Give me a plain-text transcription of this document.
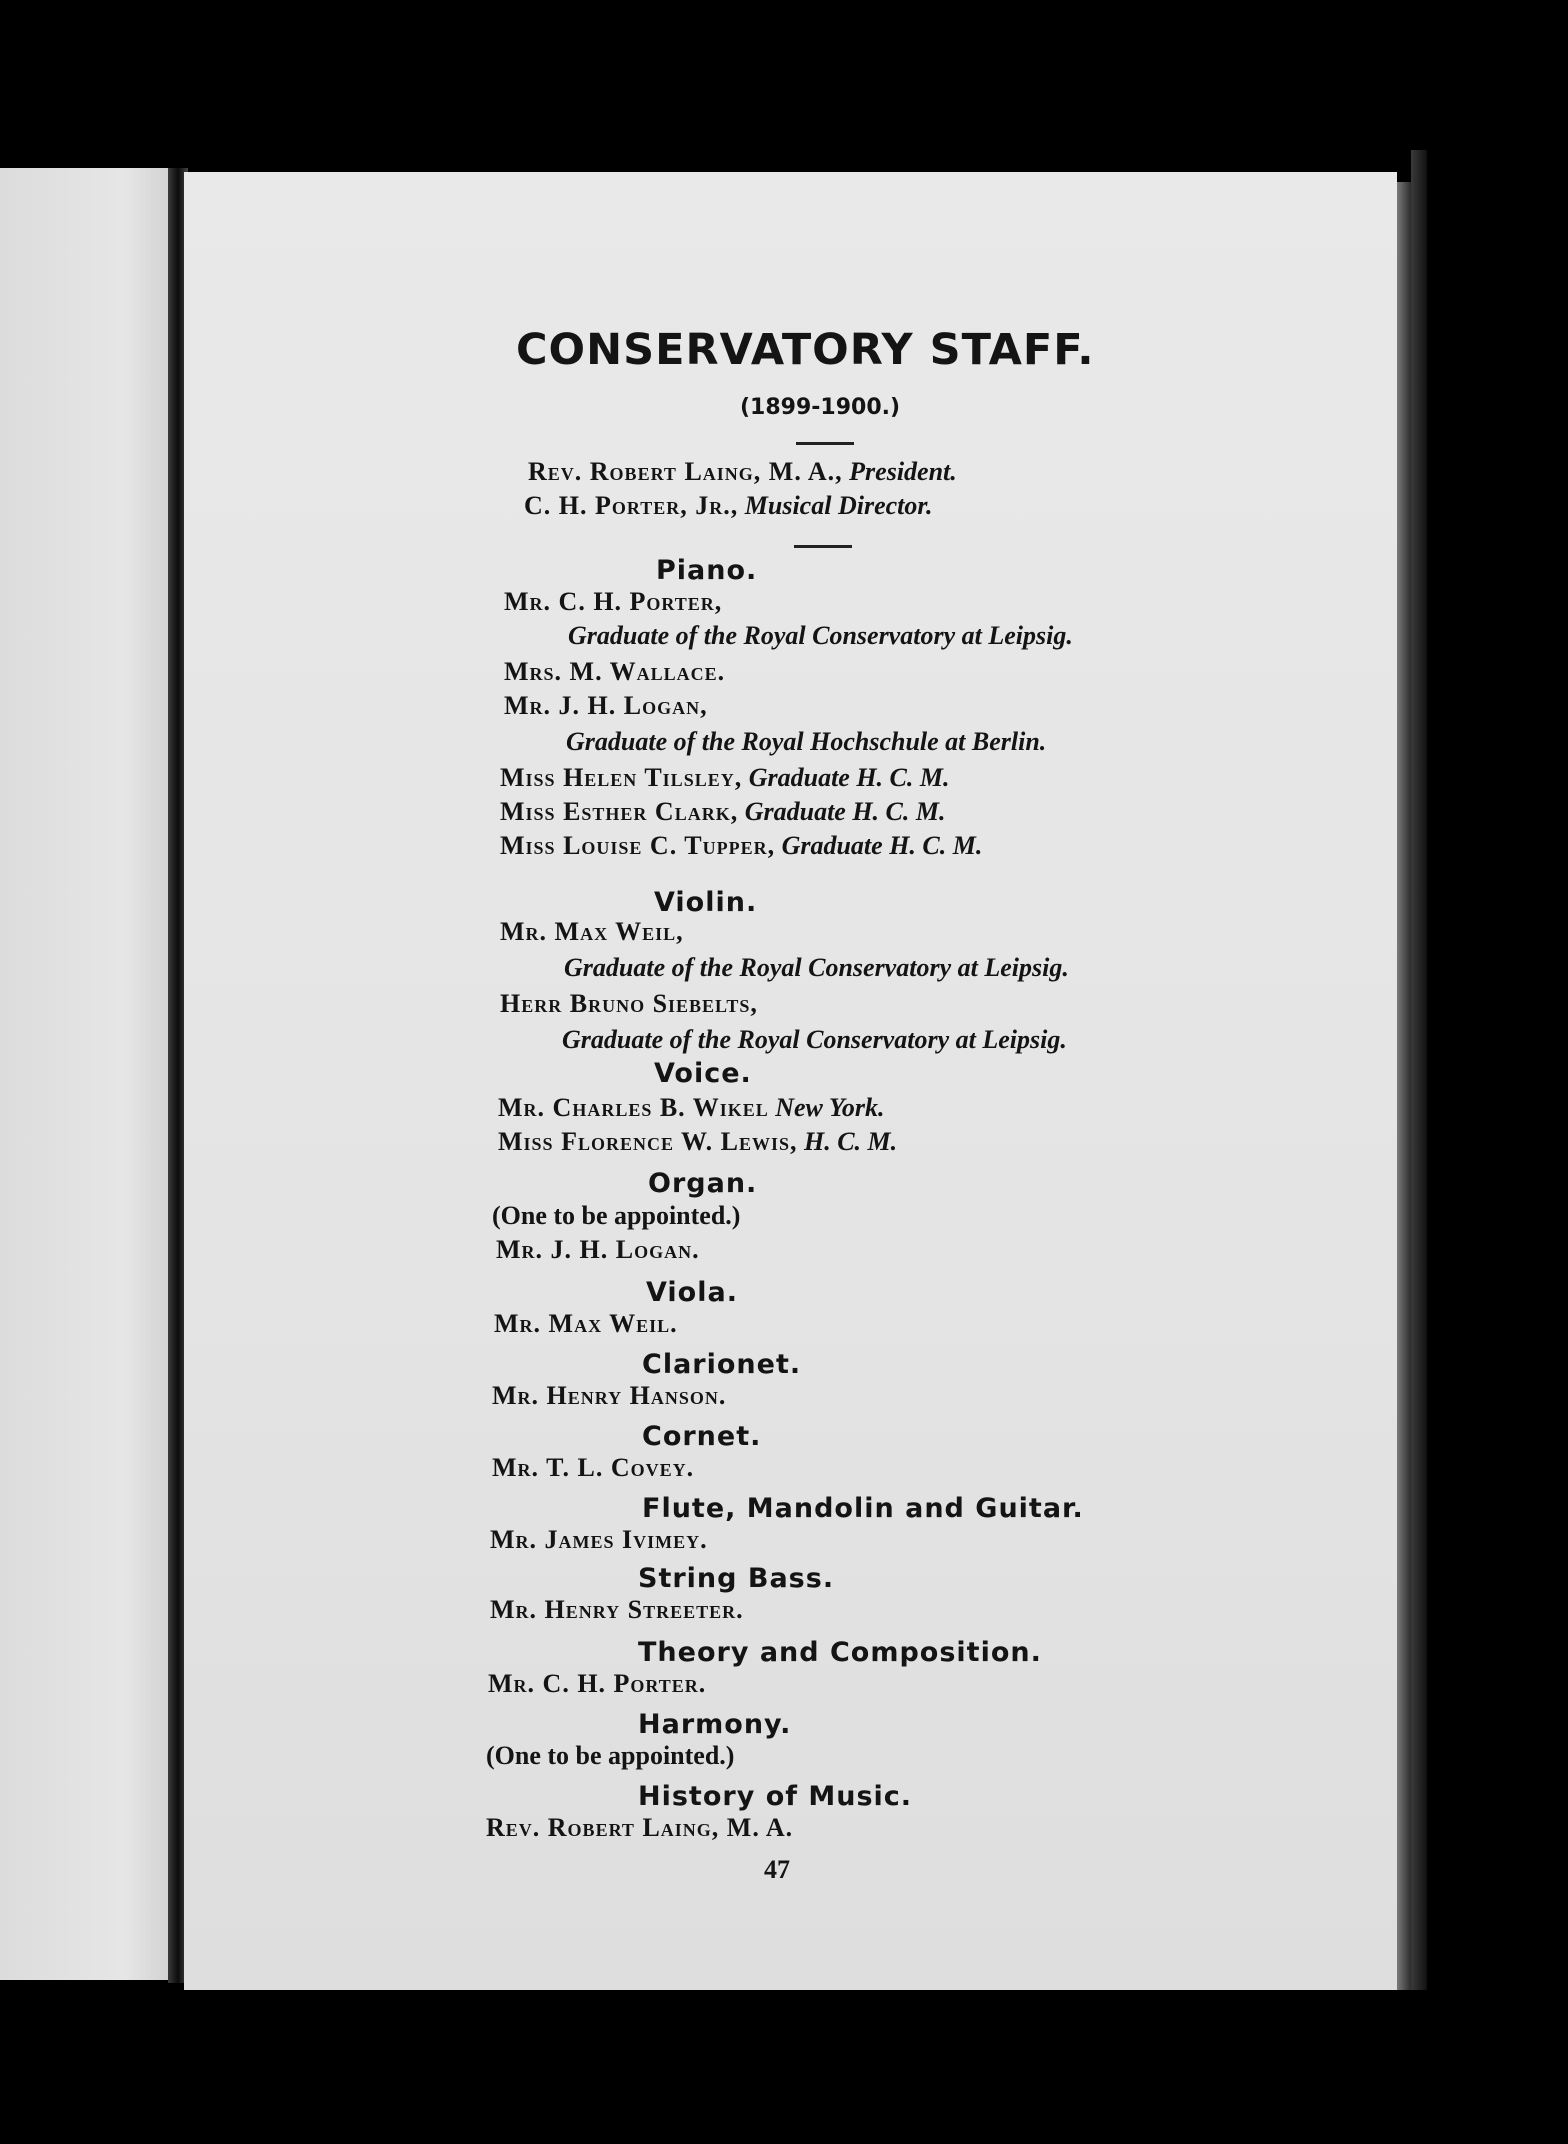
CONSERVATORY STAFF.
(1899-1900.)
Rev. Robert Laing, M. A., President.
C. H. Porter, Jr., Musical Director.
Piano.
Mr. C. H. Porter,
Graduate of the Royal Conservatory at Leipsig.
Mrs. M. Wallace.
Mr. J. H. Logan,
Graduate of the Royal Hochschule at Berlin.
Miss Helen Tilsley, Graduate H. C. M.
Miss Esther Clark, Graduate H. C. M.
Miss Louise C. Tupper, Graduate H. C. M.
Violin.
Mr. Max Weil,
Graduate of the Royal Conservatory at Leipsig.
Herr Bruno Siebelts,
Graduate of the Royal Conservatory at Leipsig.
Voice.
Mr. Charles B. Wikel New York.
Miss Florence W. Lewis, H. C. M.
Organ.
(One to be appointed.)
Mr. J. H. Logan.
Viola.
Mr. Max Weil.
Clarionet.
Mr. Henry Hanson.
Cornet.
Mr. T. L. Covey.
Flute, Mandolin and Guitar.
Mr. James Ivimey.
String Bass.
Mr. Henry Streeter.
Theory and Composition.
Mr. C. H. Porter.
Harmony.
(One to be appointed.)
History of Music.
Rev. Robert Laing, M. A.
47
